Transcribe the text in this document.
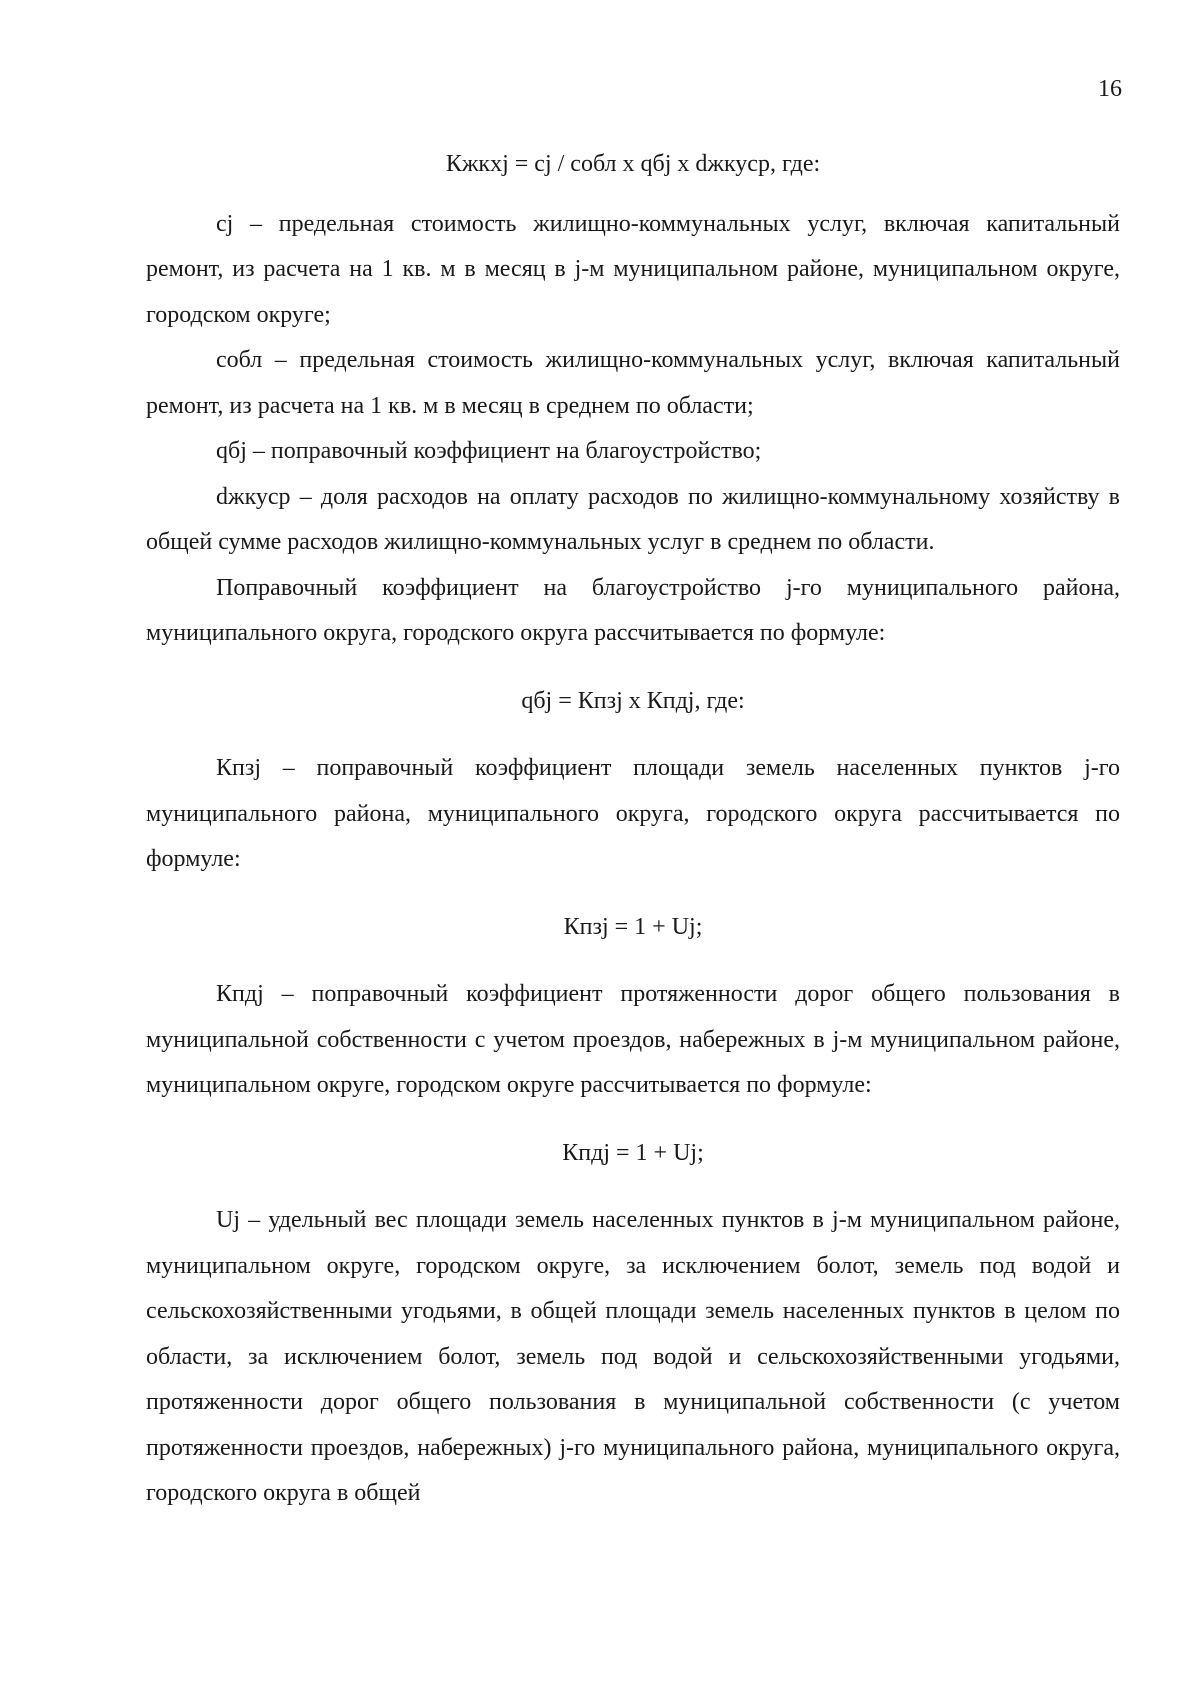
16

Кжкхj = cj / собл x qбj x dжкуср, где:

cj – предельная стоимость жилищно-коммунальных услуг, включая капитальный ремонт, из расчета на 1 кв. м в месяц в j-м муниципальном районе, муниципальном округе, городском округе;

собл – предельная стоимость жилищно-коммунальных услуг, включая капитальный ремонт, из расчета на 1 кв. м в месяц в среднем по области;

qбj – поправочный коэффициент на благоустройство;

dжкуср – доля расходов на оплату расходов по жилищно-коммунальному хозяйству в общей сумме расходов жилищно-коммунальных услуг в среднем по области.

Поправочный коэффициент на благоустройство j-го муниципального района, муниципального округа, городского округа рассчитывается по формуле:

qбj = Кпзj x Кпдj, где:

Кпзj – поправочный коэффициент площади земель населенных пунктов j-го муниципального района, муниципального округа, городского округа рассчитывается по формуле:

Кпзj = 1 + Uj;

Кпдj – поправочный коэффициент протяженности дорог общего пользования в муниципальной собственности с учетом проездов, набережных в j-м муниципальном районе, муниципальном округе, городском округе рассчитывается по формуле:

Кпдj = 1 + Uj;

Uj – удельный вес площади земель населенных пунктов в j-м муниципальном районе, муниципальном округе, городском округе, за исключением болот, земель под водой и сельскохозяйственными угодьями, в общей площади земель населенных пунктов в целом по области, за исключением болот, земель под водой и сельскохозяйственными угодьями, протяженности дорог общего пользования в муниципальной собственности (с учетом протяженности проездов, набережных) j-го муниципального района, муниципального округа, городского округа в общей
